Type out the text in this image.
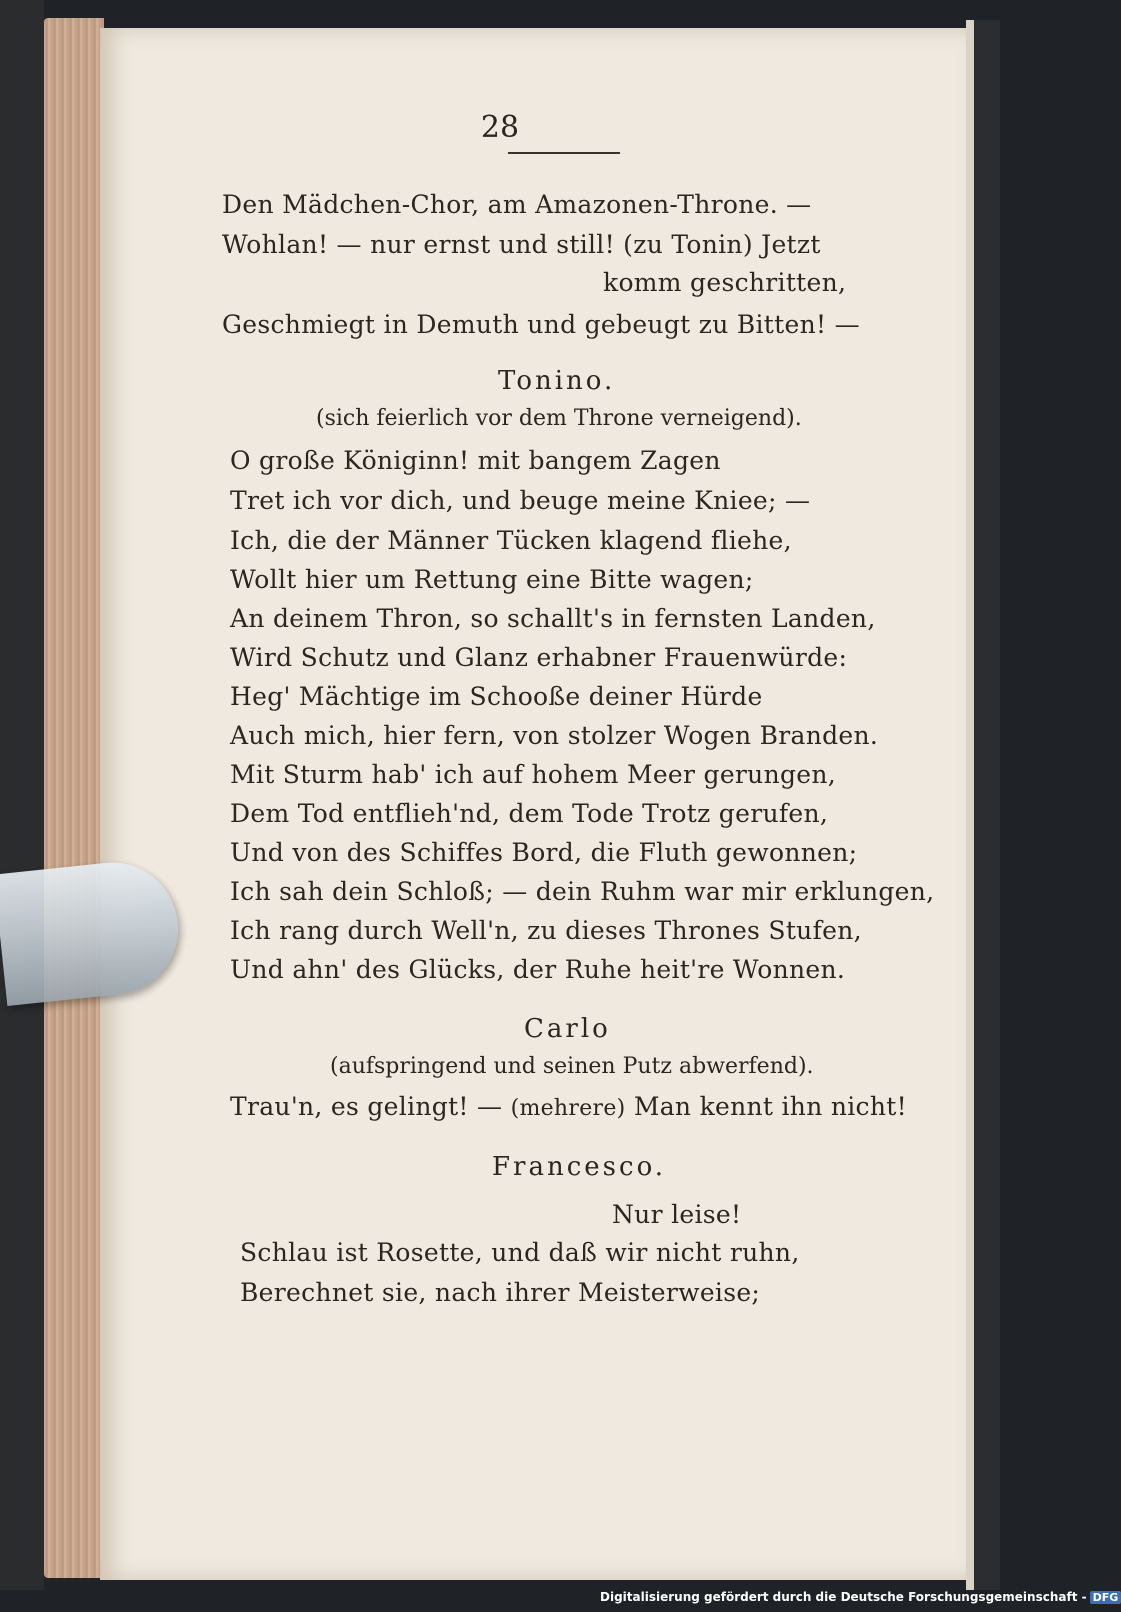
28
Den Mädchen-Chor, am Amazonen-Throne. —
Wohlan! — nur ernst und still! (zu Tonin) Jetzt
komm geschritten,
Geschmiegt in Demuth und gebeugt zu Bitten! —
Tonino.
(sich feierlich vor dem Throne verneigend).
O große Königinn! mit bangem Zagen
Tret ich vor dich, und beuge meine Kniee; —
Ich, die der Männer Tücken klagend fliehe,
Wollt hier um Rettung eine Bitte wagen;
An deinem Thron, so schallt's in fernsten Landen,
Wird Schutz und Glanz erhabner Frauenwürde:
Heg' Mächtige im Schooße deiner Hürde
Auch mich, hier fern, von stolzer Wogen Branden.
Mit Sturm hab' ich auf hohem Meer gerungen,
Dem Tod entflieh'nd, dem Tode Trotz gerufen,
Und von des Schiffes Bord, die Fluth gewonnen;
Ich sah dein Schloß; — dein Ruhm war mir erklungen,
Ich rang durch Well'n, zu dieses Thrones Stufen,
Und ahn' des Glücks, der Ruhe heit're Wonnen.
Carlo
(aufspringend und seinen Putz abwerfend).
Trau'n, es gelingt! — (mehrere) Man kennt ihn nicht!
Francesco.
Nur leise!
Schlau ist Rosette, und daß wir nicht ruhn,
Berechnet sie, nach ihrer Meisterweise;
Digitalisierung gefördert durch die Deutsche Forschungsgemeinschaft - DFG
